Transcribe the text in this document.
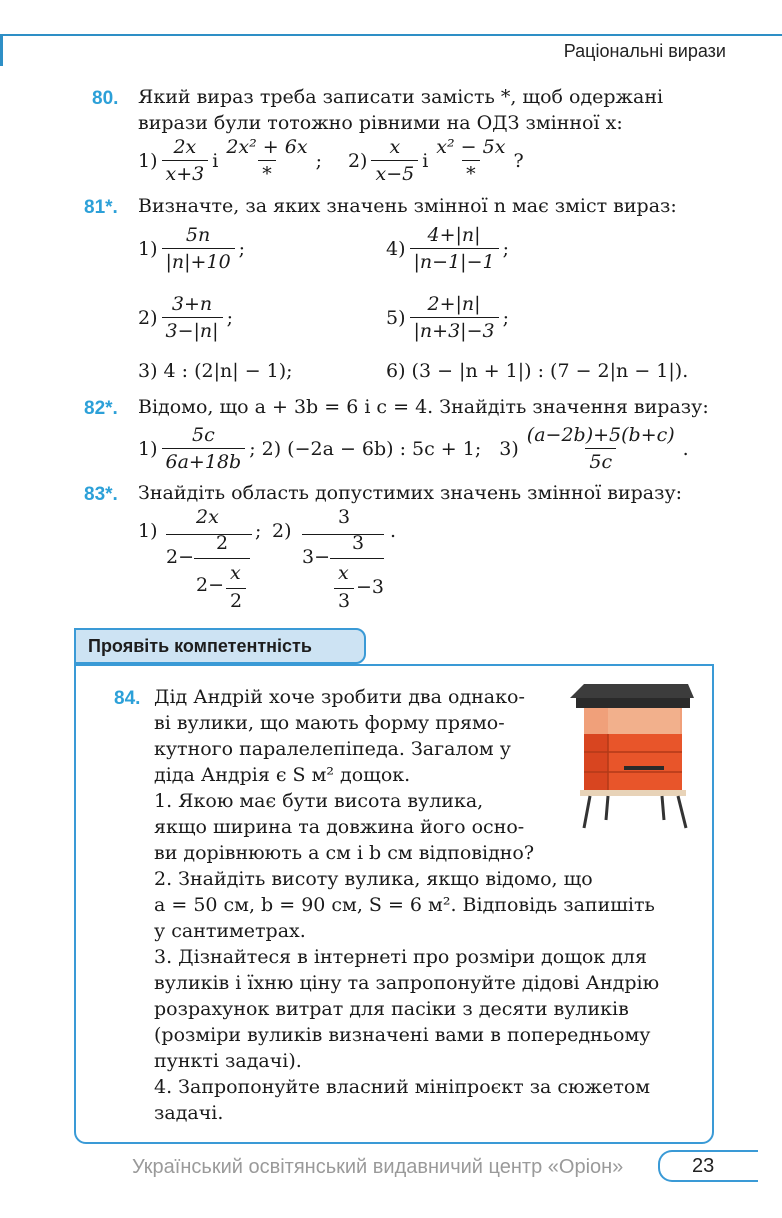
Раціональні вирази
80. Який вираз треба записати замість *, щоб одержані
вирази були тотожно рівними на ОДЗ змінної x:
$1) \frac{2x}{x+3}$ і $\frac{\text{2x² + 6x}}{*}$ ; $2) \frac{x}{x-5}$ і $\frac{\text{x² − 5x}}{*}$ ?
81*. Визначте, за яких значень змінної n має зміст вираз:
$1) \frac{5n}{|n|+10}$ ;	$4) \frac{4+|n|}{|n-1|-1}$ ;
$2) \frac{3+n}{3-|n|}$ ;	$5) \frac{2+|n|}{|n+3|-3}$ ;
3) 4 : (2|n| − 1);	6) (3 − |n + 1|) : (7 − 2|n − 1|).
82*. Відомо, що a + 3b = 6 і c = 4. Знайдіть значення виразу:
$1) \frac{5c}{6a+18b}$ ; 2) (−2a − 6b) : 5c + 1; $3) \frac{(a-2b)+5(b+c)}{5c}$ .
83*. Знайдіть область допустимих значень змінної виразу:
1)
2x
2−
2
2−
x
2
; 2)
3
3−
3
x
3
−3
.
Проявіть компетентність
84. Дід Андрій хоче зробити два однако-
ві вулики, що мають форму прямо-
кутного паралелепіпеда. Загалом у
діда Андрія є S м² дощок.
1. Якою має бути висота вулика,
якщо ширина та довжина його осно-
ви дорівнюють a см і b см відповідно?
2. Знайдіть висоту вулика, якщо відомо, що
a = 50 см, b = 90 см, S = 6 м². Відповідь запишіть
у сантиметрах.
3. Дізнайтеся в інтернеті про розміри дощок для
вуликів і їхню ціну та запропонуйте дідові Андрію
розрахунок витрат для пасіки з десяти вуликів
(розміри вуликів визначені вами в попередньому
пункті задачі).
4. Запропонуйте власний мініпроєкт за сюжетом
задачі.
Український освітянський видавничий центр «Оріон»	23
